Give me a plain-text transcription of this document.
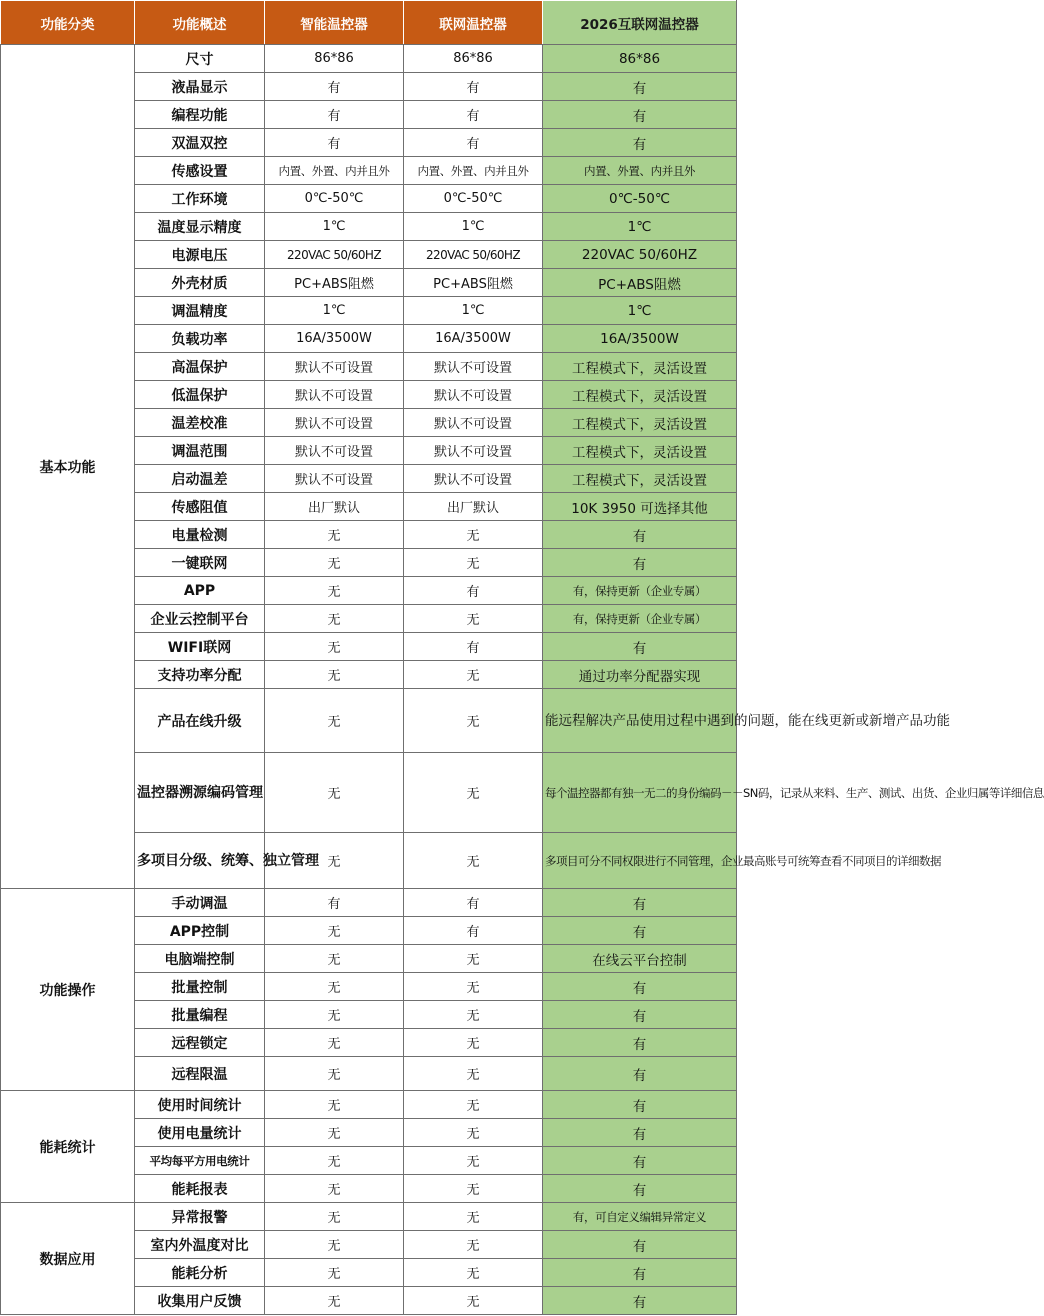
功能分类	功能概述	智能温控器	联网温控器	2026互联网温控器
基本功能	尺寸	86*86	86*86	86*86
	液晶显示	有	有	有
	编程功能	有	有	有
	双温双控	有	有	有
	传感设置	内置、外置、内并且外	内置、外置、内并且外	内置、外置、内并且外
	工作环境	0℃-50℃	0℃-50℃	0℃-50℃
	温度显示精度	1℃	1℃	1℃
	电源电压	220VAC 50/60HZ	220VAC 50/60HZ	220VAC 50/60HZ
	外壳材质	PC+ABS阻燃	PC+ABS阻燃	PC+ABS阻燃
	调温精度	1℃	1℃	1℃
	负载功率	16A/3500W	16A/3500W	16A/3500W
	高温保护	默认不可设置	默认不可设置	工程模式下，灵活设置
	低温保护	默认不可设置	默认不可设置	工程模式下，灵活设置
	温差校准	默认不可设置	默认不可设置	工程模式下，灵活设置
	调温范围	默认不可设置	默认不可设置	工程模式下，灵活设置
	启动温差	默认不可设置	默认不可设置	工程模式下，灵活设置
	传感阻值	出厂默认	出厂默认	10K 3950 可选择其他
	电量检测	无	无	有
	一键联网	无	无	有
	APP	无	有	有，保持更新（企业专属）
	企业云控制平台	无	无	有，保持更新（企业专属）
	WIFI联网	无	有	有
	支持功率分配	无	无	通过功率分配器实现
	产品在线升级	无	无	能远程解决产品使用过程中遇到的问题，能在线更新或新增产品功能
	温控器溯源编码管理	无	无	每个温控器都有独一无二的身份编码－－SN码，记录从来料、生产、测试、出货、企业归属等详细信息
	多项目分级、统筹、独立管理	无	无	多项目可分不同权限进行不同管理，企业最高账号可统筹查看不同项目的详细数据
功能操作	手动调温	有	有	有
	APP控制	无	有	有
	电脑端控制	无	无	在线云平台控制
	批量控制	无	无	有
	批量编程	无	无	有
	远程锁定	无	无	有
	远程限温	无	无	有
能耗统计	使用时间统计	无	无	有
	使用电量统计	无	无	有
	平均每平方用电统计	无	无	有
	能耗报表	无	无	有
数据应用	异常报警	无	无	有，可自定义编辑异常定义
	室内外温度对比	无	无	有
	能耗分析	无	无	有
	收集用户反馈	无	无	有
